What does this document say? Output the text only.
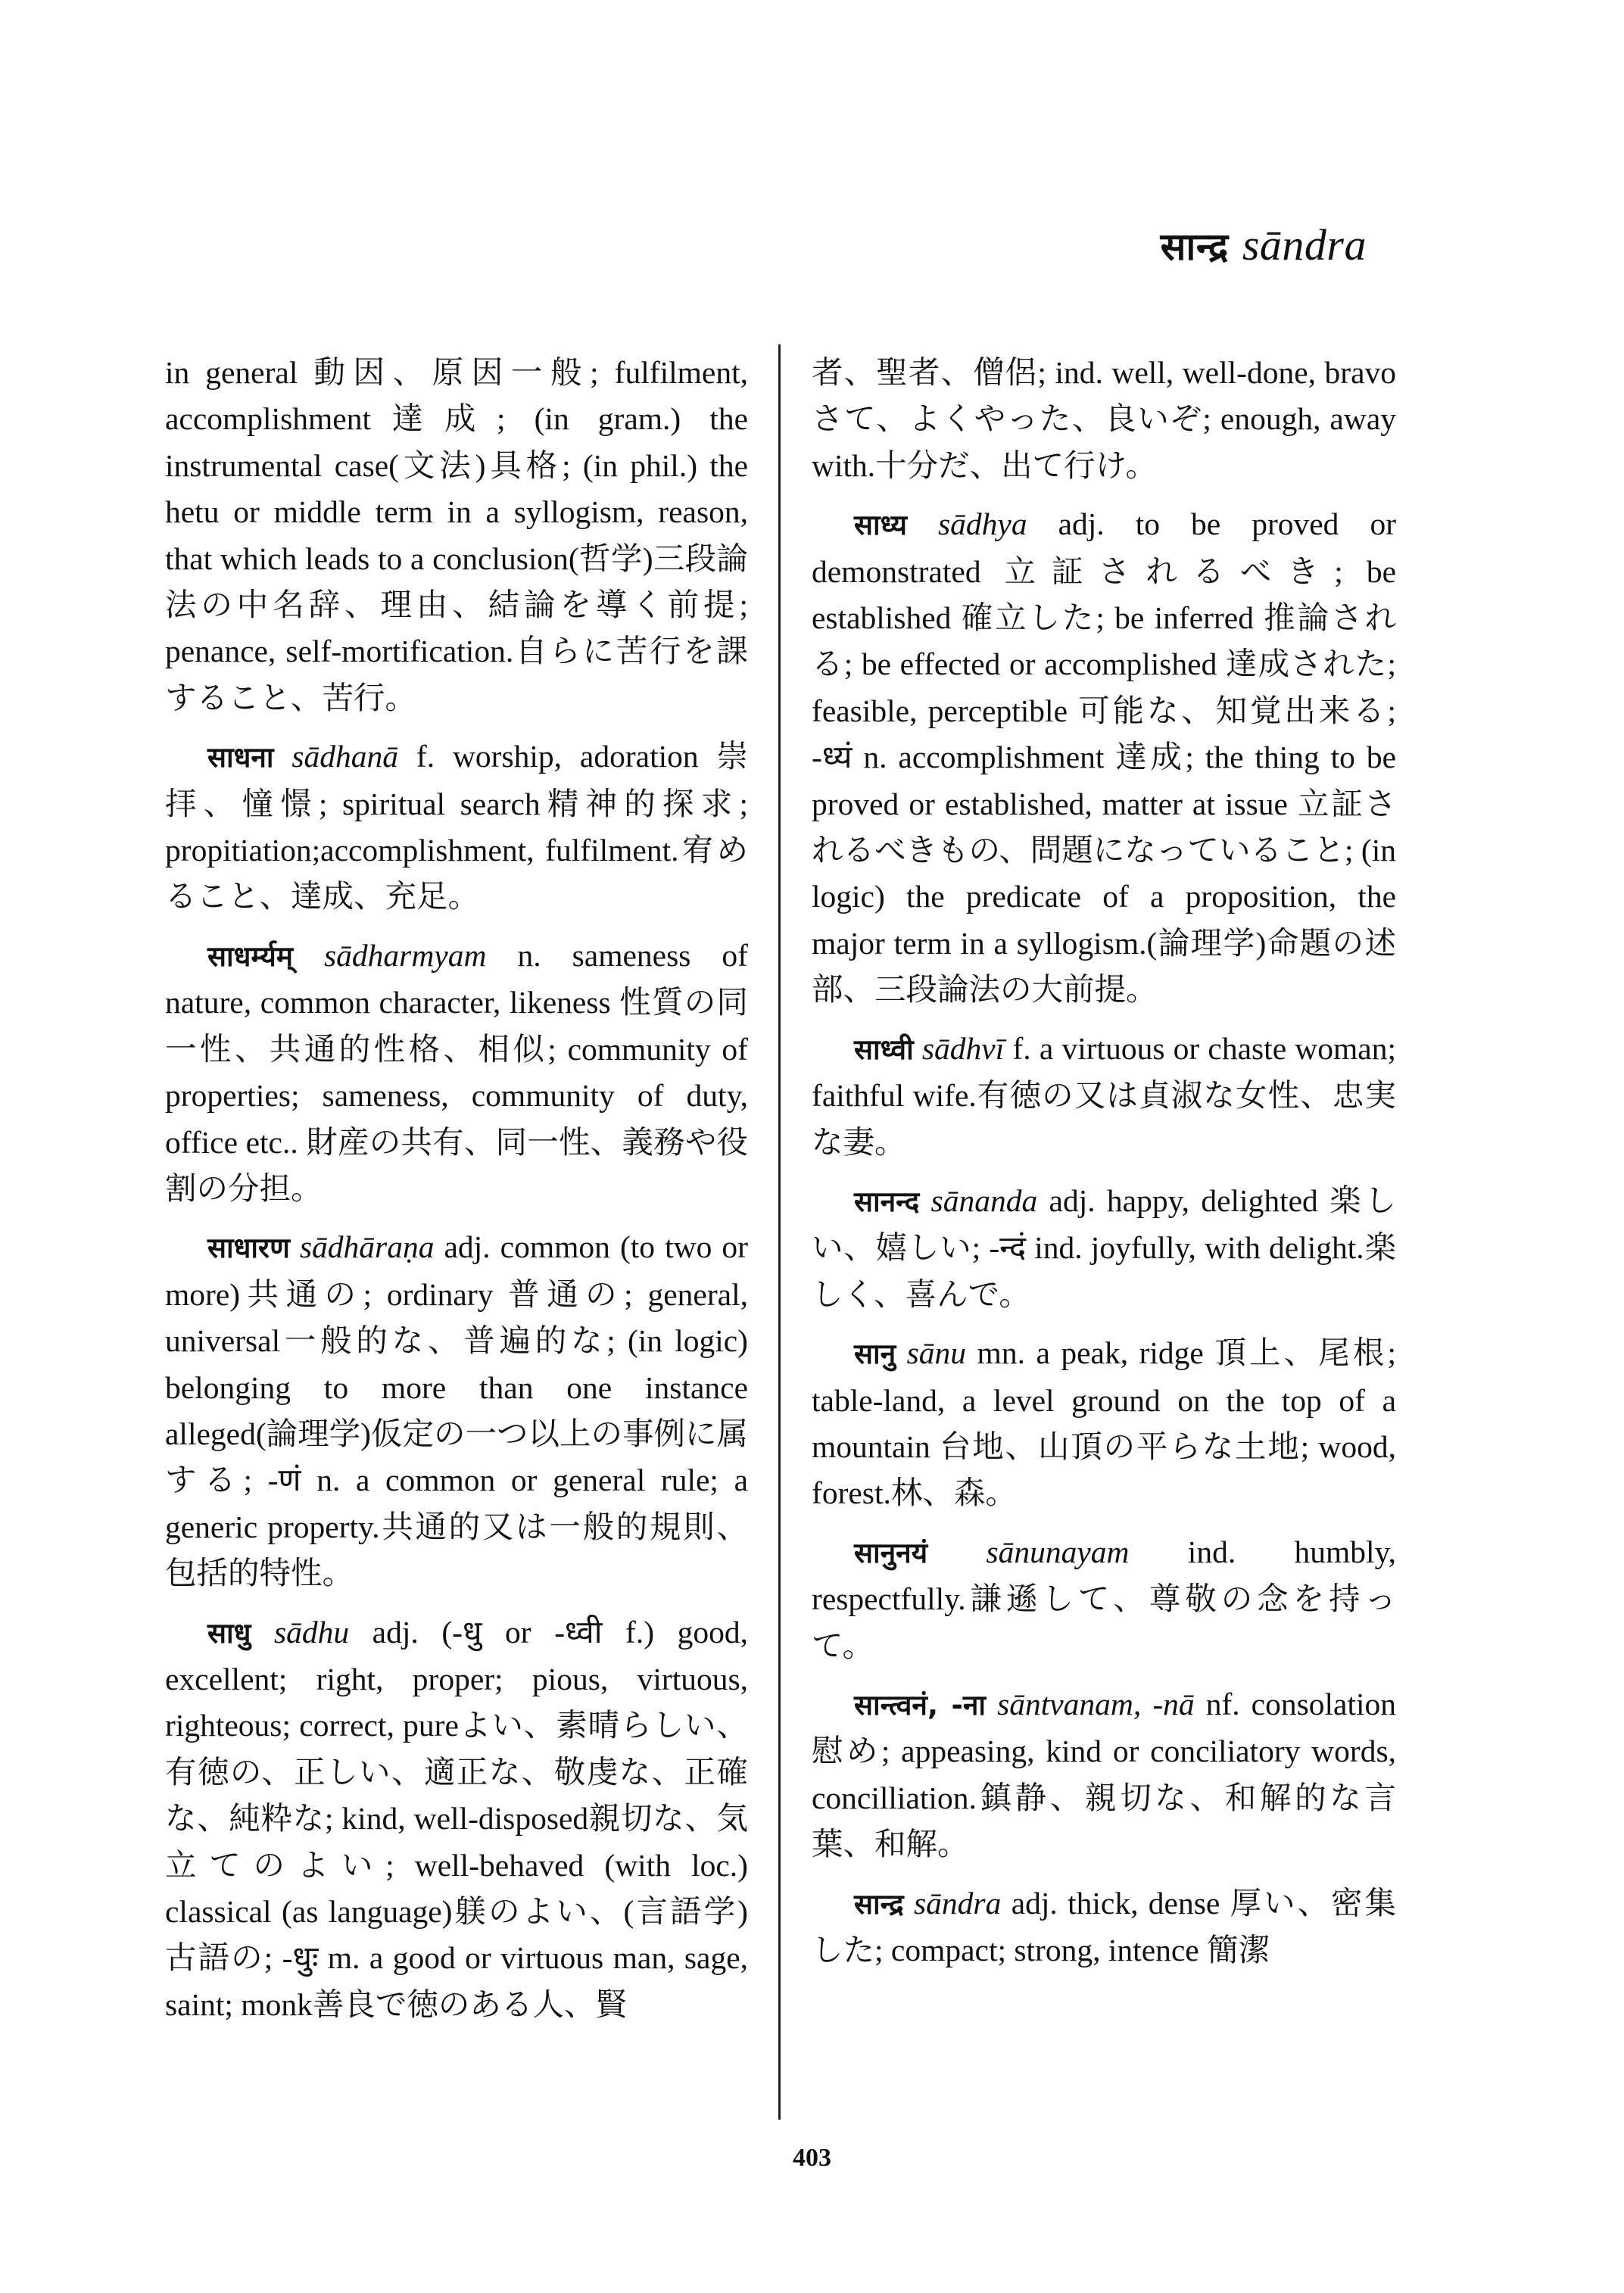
सान्द्र sāndra

in general 動因、原因一般; fulfilment, accomplishment達成; (in gram.) the instrumental case(文法)具格; (in phil.) the hetu or middle term in a syllogism, reason, that which leads to a conclusion(哲学)三段論法の中名辞、理由、結論を導く前提; penance, self-mortification.自らに苦行を課すること、苦行。

साधना sādhanā f. worship, adoration 崇拝、憧憬; spiritual search精神的探求; propitiation;accomplishment, fulfilment.宥めること、達成、充足。

साधर्म्यम् sādharmyam n. sameness of nature, common character, likeness 性質の同一性、共通的性格、相似; community of properties; sameness, community of duty, office etc.. 財産の共有、同一性、義務や役割の分担。

साधारण sādhāraṇa adj. common (to two or more)共通の; ordinary 普通の; general, universal一般的な、普遍的な; (in logic) belonging to more than one instance alleged(論理学)仮定の一つ以上の事例に属する; -णं n. a common or general rule; a generic property.共通的又は一般的規則、包括的特性。

साधु sādhu adj. (-धु or -ध्वी f.) good, excellent; right, proper; pious, virtuous, righteous; correct, pureよい、素晴らしい、有徳の、正しい、適正な、敬虔な、正確な、純粋な; kind, well-disposed親切な、気立てのよい; well-behaved (with loc.) classical (as language)躾のよい、(言語学)古語の; -धुः m. a good or virtuous man, sage, saint; monk善良で徳のある人、賢

者、聖者、僧侶; ind. well, well-done, bravo さて、よくやった、良いぞ; enough, away with.十分だ、出て行け。

साध्य sādhya adj. to be proved or demonstrated 立証されるべき; be established 確立した; be inferred 推論される; be effected or accomplished 達成された; feasible, perceptible 可能な、知覚出来る; -ध्यं n. accomplishment 達成; the thing to be proved or established, matter at issue 立証されるべきもの、問題になっていること; (in logic) the predicate of a proposition, the major term in a syllogism.(論理学)命題の述部、三段論法の大前提。

साध्वी sādhvī f. a virtuous or chaste woman; faithful wife.有徳の又は貞淑な女性、忠実な妻。

सानन्द sānanda adj. happy, delighted 楽しい、嬉しい; -न्दं ind. joyfully, with delight.楽しく、喜んで。

सानु sānu mn. a peak, ridge 頂上、尾根; table-land, a level ground on the top of a mountain 台地、山頂の平らな土地; wood, forest.林、森。

सानुनयं sānunayam ind. humbly, respectfully.謙遜して、尊敬の念を持って。

सान्त्वनं, -ना sāntvanam, -nā nf. consolation 慰め; appeasing, kind or conciliatory words, concilliation.鎮静、親切な、和解的な言葉、和解。

सान्द्र sāndra adj. thick, dense 厚い、密集した; compact; strong, intence 簡潔

403
